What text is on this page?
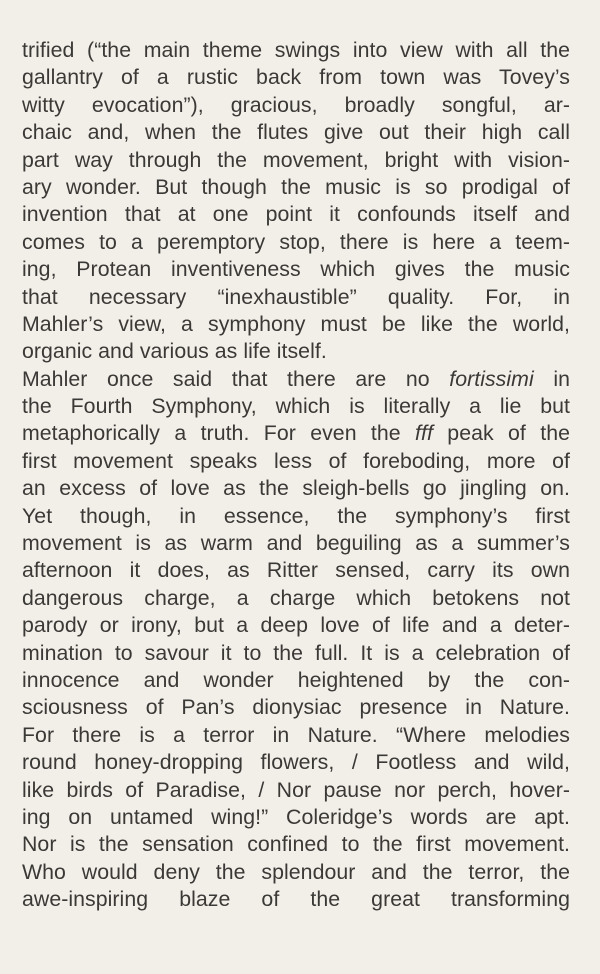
trified (“the main theme swings into view with all the
gallantry of a rustic back from town was Tovey’s
witty evocation”), gracious, broadly songful, ar-
chaic and, when the flutes give out their high call
part way through the movement, bright with vision-
ary wonder. But though the music is so prodigal of
invention that at one point it confounds itself and
comes to a peremptory stop, there is here a teem-
ing, Protean inventiveness which gives the music
that necessary “inexhaustible” quality. For, in
Mahler’s view, a symphony must be like the world,
organic and various as life itself.
Mahler once said that there are no fortissimi in
the Fourth Symphony, which is literally a lie but
metaphorically a truth. For even the fff peak of the
first movement speaks less of foreboding, more of
an excess of love as the sleigh-bells go jingling on.
Yet though, in essence, the symphony’s first
movement is as warm and beguiling as a summer’s
afternoon it does, as Ritter sensed, carry its own
dangerous charge, a charge which betokens not
parody or irony, but a deep love of life and a deter-
mination to savour it to the full. It is a celebration of
innocence and wonder heightened by the con-
sciousness of Pan’s dionysiac presence in Nature.
For there is a terror in Nature. “Where melodies
round honey-dropping flowers, / Footless and wild,
like birds of Paradise, / Nor pause nor perch, hover-
ing on untamed wing!” Coleridge’s words are apt.
Nor is the sensation confined to the first movement.
Who would deny the splendour and the terror, the
awe-inspiring blaze of the great transforming
